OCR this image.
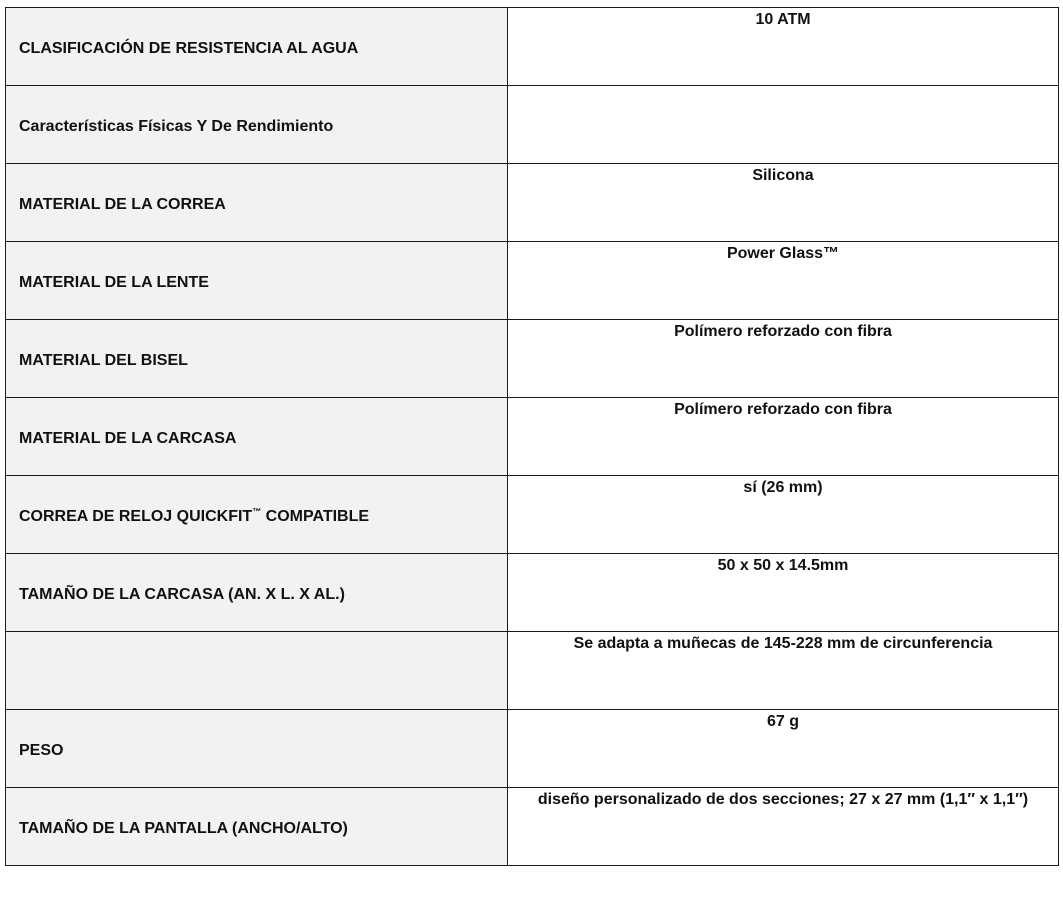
CLASIFICACIÓN DE RESISTENCIA AL AGUA	10 ATM

Características Físicas Y De Rendimiento	

MATERIAL DE LA CORREA	Silicona

MATERIAL DE LA LENTE	Power Glass™

MATERIAL DEL BISEL	Polímero reforzado con fibra

MATERIAL DE LA CARCASA	Polímero reforzado con fibra

CORREA DE RELOJ QUICKFIT™ COMPATIBLE	sí (26 mm)

TAMAÑO DE LA CARCASA (AN. X L. X AL.)	50 x 50 x 14.5mm

	Se adapta a muñecas de 145-228 mm de circunferencia

PESO	67 g

TAMAÑO DE LA PANTALLA (ANCHO/ALTO)	diseño personalizado de dos secciones; 27 x 27 mm (1,1″ x 1,1″)
